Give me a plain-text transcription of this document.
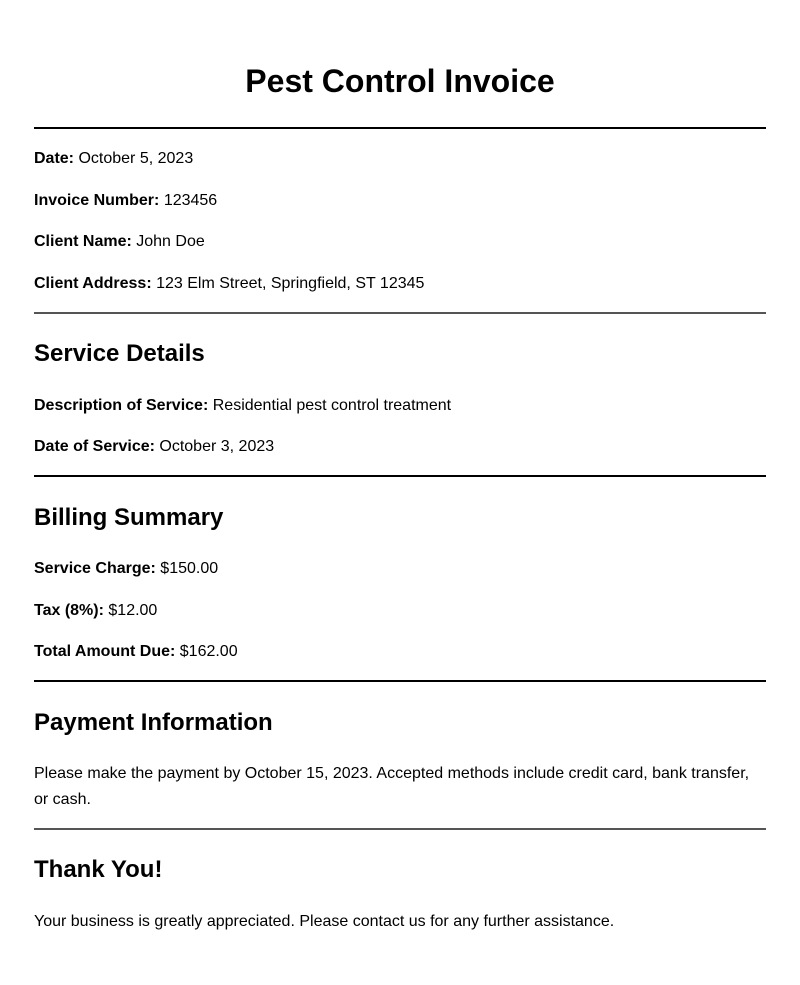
Pest Control Invoice

Date: October 5, 2023

Invoice Number: 123456

Client Name: John Doe

Client Address: 123 Elm Street, Springfield, ST 12345

Service Details

Description of Service: Residential pest control treatment

Date of Service: October 3, 2023

Billing Summary

Service Charge: $150.00

Tax (8%): $12.00

Total Amount Due: $162.00

Payment Information

Please make the payment by October 15, 2023. Accepted methods include credit card, bank transfer, or cash.

Thank You!

Your business is greatly appreciated. Please contact us for any further assistance.
